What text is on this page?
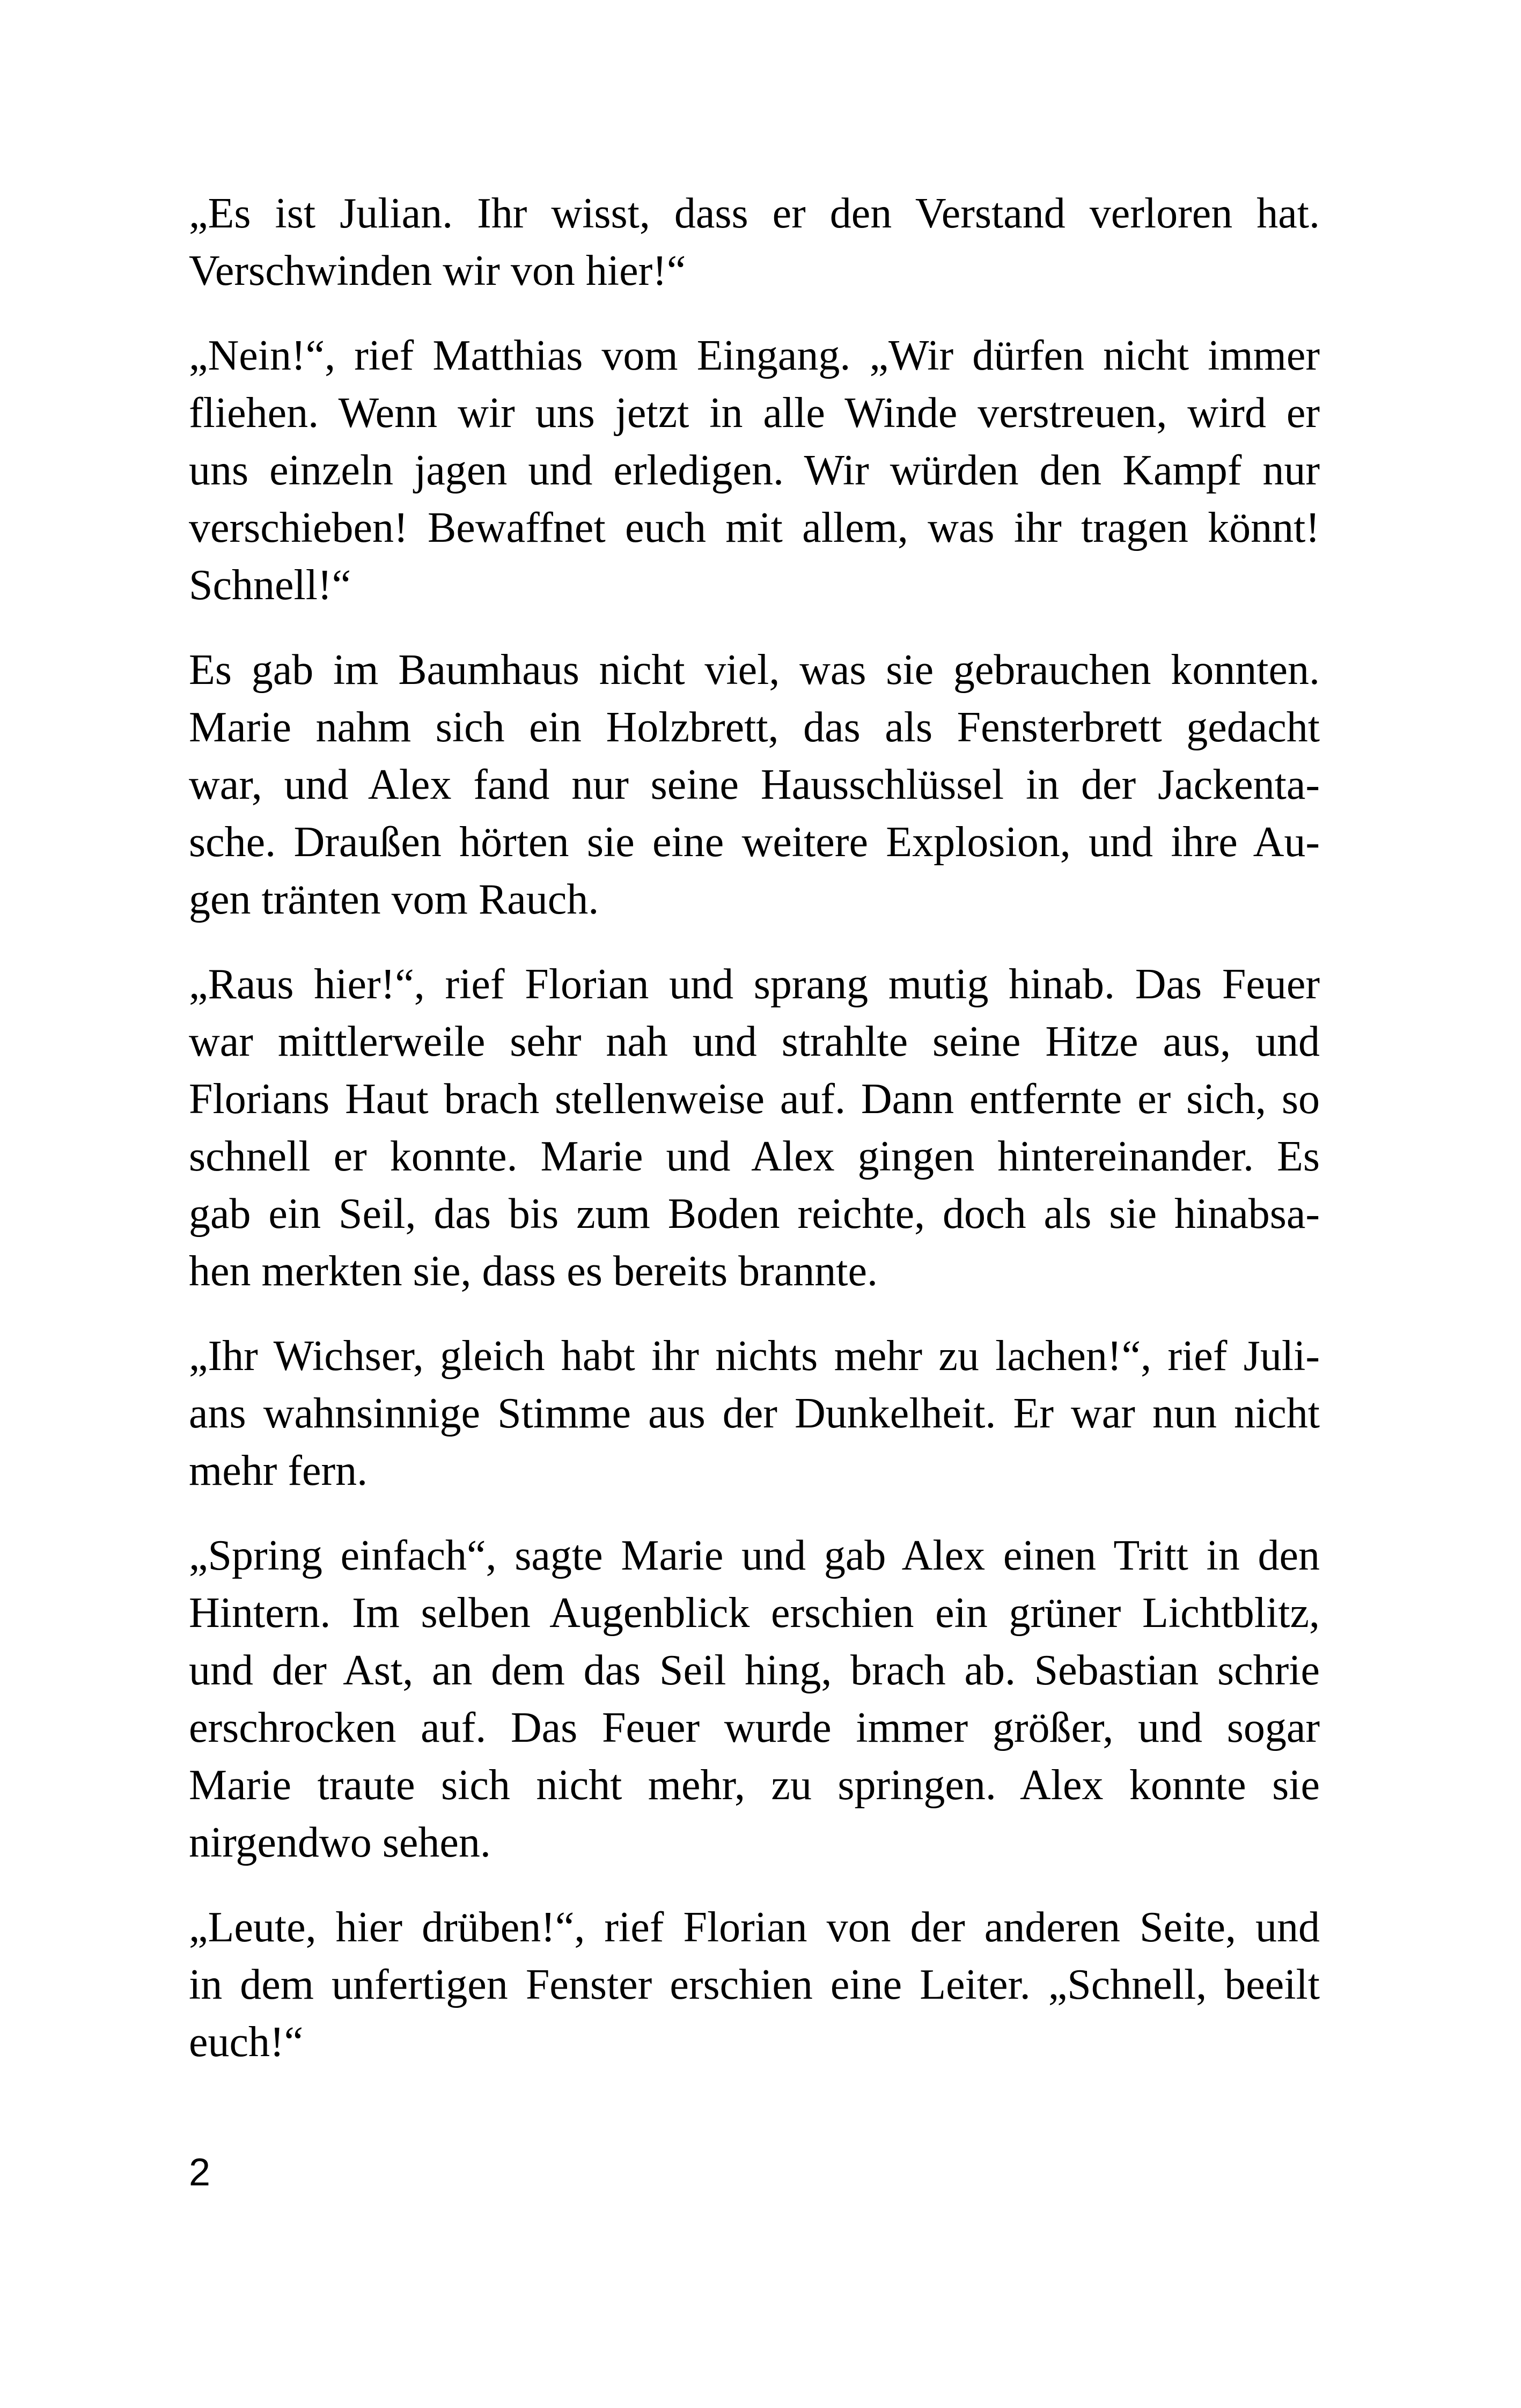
„Es ist Julian. Ihr wisst, dass er den Verstand verloren hat.
Verschwinden wir von hier!“

„Nein!“, rief Matthias vom Eingang. „Wir dürfen nicht immer
fliehen. Wenn wir uns jetzt in alle Winde verstreuen, wird er
uns einzeln jagen und erledigen. Wir würden den Kampf nur
verschieben! Bewaffnet euch mit allem, was ihr tragen könnt!
Schnell!“

Es gab im Baumhaus nicht viel, was sie gebrauchen konnten.
Marie nahm sich ein Holzbrett, das als Fensterbrett gedacht
war, und Alex fand nur seine Hausschlüssel in der Jackenta-
sche. Draußen hörten sie eine weitere Explosion, und ihre Au-
gen tränten vom Rauch.

„Raus hier!“, rief Florian und sprang mutig hinab. Das Feuer
war mittlerweile sehr nah und strahlte seine Hitze aus, und
Florians Haut brach stellenweise auf. Dann entfernte er sich, so
schnell er konnte. Marie und Alex gingen hintereinander. Es
gab ein Seil, das bis zum Boden reichte, doch als sie hinabsa-
hen merkten sie, dass es bereits brannte.

„Ihr Wichser, gleich habt ihr nichts mehr zu lachen!“, rief Juli-
ans wahnsinnige Stimme aus der Dunkelheit. Er war nun nicht
mehr fern.

„Spring einfach“, sagte Marie und gab Alex einen Tritt in den
Hintern. Im selben Augenblick erschien ein grüner Lichtblitz,
und der Ast, an dem das Seil hing, brach ab. Sebastian schrie
erschrocken auf. Das Feuer wurde immer größer, und sogar
Marie traute sich nicht mehr, zu springen. Alex konnte sie
nirgendwo sehen.

„Leute, hier drüben!“, rief Florian von der anderen Seite, und
in dem unfertigen Fenster erschien eine Leiter. „Schnell, beeilt
euch!“

2
